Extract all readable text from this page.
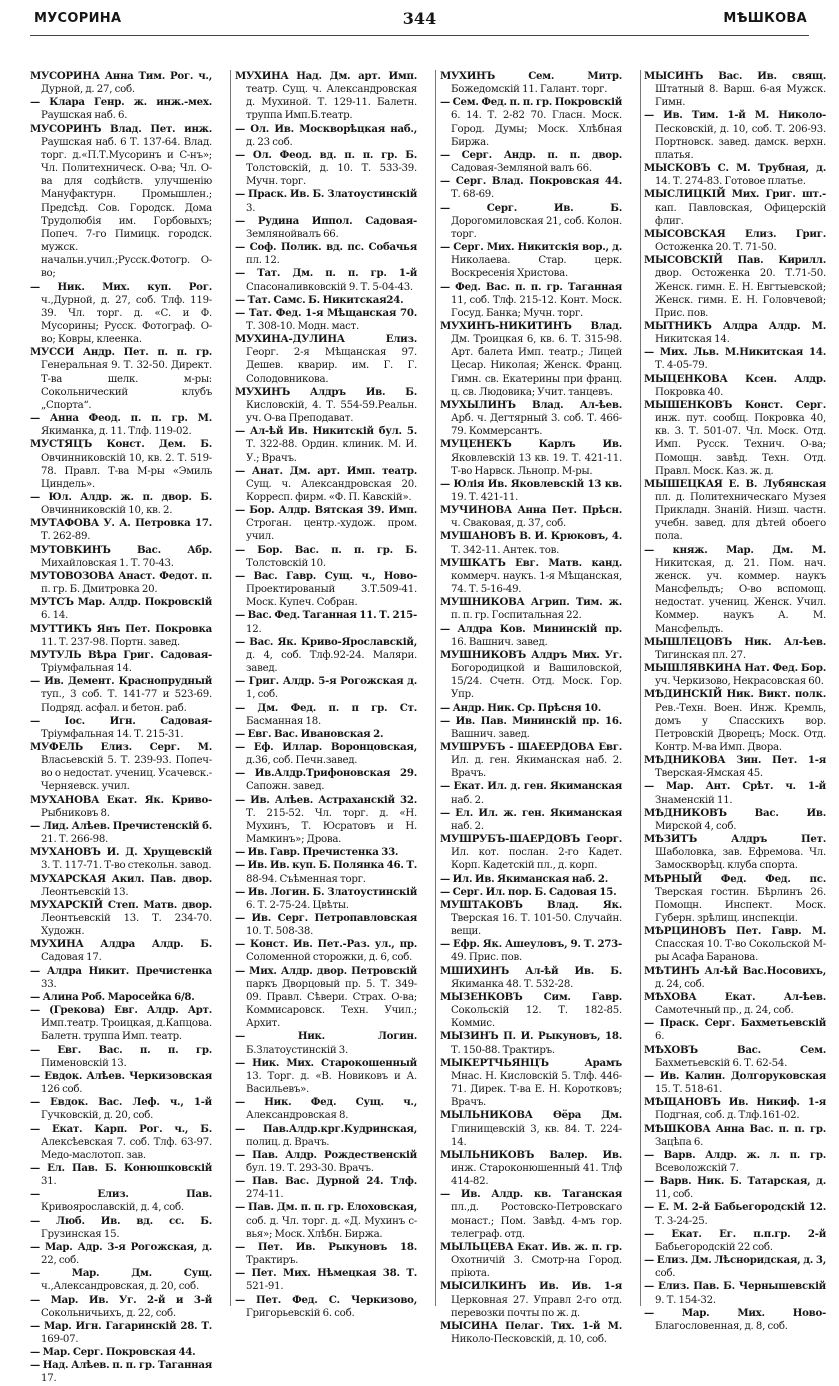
МУСОРИНА	344	МѢШКОВА

МУСОРИНА Анна Тим. Рог. ч., Дурной, д. 27, соб.

— Клара Генр. ж. инж.-мех. Раушская наб. 6.

МУСОРИНЪ Влад. Пет. инж. Раушская наб. 6 Т. 137-64. Влад. торг. д.«П.Т.Мусоринъ и С-нъ»; Чл. Политехническ. О-ва; Чл. О-ва для содѣйств. улучшенію Мануфактурн. Промышлен.; Предсѣд. Сов. Городск. Дома Трудолюбія им. Горбовыхъ; Попеч. 7-го Пимицк. городск. мужск. начальн.учил.;Русск.Фотогр. О-во;

— Ник. Мих. куп. Рог. ч.,Дурной, д. 27, соб. Тлф. 119-39. Чл. торг. д. «С. и Ф. Мусорины; Русск. Фотограф. О-во; Ковры, клеенка.

МУССИ Андр. Пет. п. п. гр. Генеральная 9. Т. 32-50. Директ. Т-ва шелк. м-ры: Сокольнический клубъ „Спорта“.

— Анна Феод. п. п. гр. М. Якиманка, д. 11. Тлф. 119-02.

МУСТЯЦЪ Конст. Дем. Б. Овчинниковскій 10, кв. 2. Т. 519-78. Правл. Т-ва М-ры «Эмиль Циндель».

— Юл. Алдр. ж. п. двор. Б. Овчинниковскій 10, кв. 2.

МУТАФОВА У. А. Петровка 17. Т. 262-89.

МУТОВКИНЪ Вас. Абр. Михайловская 1. Т. 70-43.

МУТОВОЗОВА Анаст. Федот. п. п. гр. Б. Дмитровка 20.

МУТСЪ Мар. Алдр. Покровскій 6. 14.

МУТТИКЪ Янъ Пет. Покровка 11. Т. 237-98. Портн. завед.

МУТУЛЬ Вѣра Григ. Садовая-Тріумфальная 14.

— Ив. Демент. Краснопрудный туп., 3 соб. Т. 141-77 и 523-69. Подряд. асфал. и бетон. раб.

— Іос. Игн. Садовая-Тріумфальная 14. Т. 215-31.

МУФЕЛЬ Елиз. Серг. М. Власьевскій 5. Т. 239-93. Попеч-во о недостат. учениц. Усачевск.-Черняевск. учил.

МУХАНОВА Екат. Як. Криво-Рыбниковъ 8.

— Лид. Алѣев. Пречистенскій б. 21. Т. 266-98.

МУХАНОВЪ И. Д. Хрущевскій 3. Т. 117-71. Т-во стекольн. завод.

МУХАРСКАЯ Акил. Пав. двор. Леонтьевскій 13.

МУХАРСКІЙ Степ. Матв. двор. Леонтьевскій 13. Т. 234-70. Художн.

МУХИНА Алдра Алдр. Б. Садовая 17.

— Алдра Никит. Пречистенка 33.

— Алина Роб. Маросейка 6/8.

— (Грекова) Евг. Алдр. Арт. Имп.театр. Троицкая, д.Капцова. Балетн. труппа Имп. театр.

— Евг. Вас. п. п. гр. Пименовскій 13.

— Евдок. Алѣев. Черкизовская 126 соб.

— Евдок. Вас. Леф. ч., 1-й Гучковскій, д. 20, соб.

— Екат. Карп. Рог. ч., Б. Алексѣевская 7. соб. Тлф. 63-97. Медо-маслотоп. зав.

— Ел. Пав. Б. Конюшковскій 31.

— Елиз. Пав. Кривоярославскій, д. 4, соб.

— Люб. Ив. вд. сс. Б. Грузинская 15.

— Мар. Адр. 3-я Рогожская, д. 22, соб.

— Мар. Дм. Сущ. ч.,Александровская, д. 20, соб.

— Мар. Ив. Уг. 2-й и 3-й Сокольничьихъ, д. 22, соб.

— Мар. Игн. Гагаринскій 28. Т. 169-07.

— Мар. Серг. Покровская 44.

— Над. Алѣев. п. п. гр. Таганная 17.

МУХИНА Над. Дм. арт. Имп. театр. Сущ. ч. Александровская д. Мухиной. Т. 129-11. Балетн. труппа Имп.Б.театр.

— Ол. Ив. Москворѣцкая наб., д. 23 соб.

— Ол. Феод. вд. п. п. гр. Б. Толстовскій, д. 10. Т. 533-39. Мучн. торг.

— Праск. Ив. Б. Златоустинскій 3.

— Рудина Иппол. Садовая-Землянойвалъ 66.

— Соф. Полик. вд. пс. Собачья пл. 12.

— Тат. Дм. п. п. гр. 1-й Спасоналивковскій 9. Т. 5-04-43.

— Тат. Самс. Б. Никитская24.

— Тат. Фед. 1-я Мѣщанская 70. Т. 308-10. Модн. маст.

МУХИНА-ДУЛИНА Елиз. Георг. 2-я Мѣщанская 97. Дешев. кварир. им. Г. Г. Солодовникова.

МУХИНЪ Алдръ Ив. Б. Кисловскій, 4. Т. 554-59.Реальн. уч. О-ва Преподават.

— Ал-ѣй Ив. Никитскій бул. 5. Т. 322-88. Ордин. клиник. М. И. У.; Врачъ.

— Анат. Дм. арт. Имп. театр. Сущ. ч. Александровская 20. Корресп. фирм. «Ф. П. Кавскій».

— Бор. Алдр. Вятская 39. Имп. Строган. центр.-худож. пром. учил.

— Бор. Вас. п. п. гр. Б. Толстовскій 10.

— Вас. Гавр. Сущ. ч., Ново-Проектированый 3.Т.509-41. Моск. Купеч. Собран.

— Вас. Фед. Таганная 11. Т. 215-12.

— Вас. Як. Криво-Ярославскій, д. 4, соб. Тлф.92-24. Маляри. завед.

— Григ. Алдр. 5-я Рогожская д. 1, соб.

— Дм. Фед. п. п гр. Ст. Басманная 18.

— Евг. Вас. Ивановская 2.

— Еф. Иллар. Воронцовская, д.36, соб. Печн.завед.

— Ив.Алдр.Трифоновская 29. Сапожн. завед.

— Ив. Алѣев. Астраханскій 32. Т. 215-52. Чл. торг. д. «Н. Мухинъ, Т. Юсратовъ и Н. Мамкинъ»; Дрова.

— Ив. Гавр. Пречистенка 33.

— Ив. Ив. куп. Б. Полянка 46. Т. 88-94. Съѣменная торг.

— Ив. Логин. Б. Златоустинскій 6. Т. 2-75-24. Цвѣты.

— Ив. Серг. Петропавловская 10. Т. 508-38.

— Конст. Ив. Пет.-Раз. ул., пр. Соломенной сторожки, д. 6, соб.

— Мих. Алдр. двор. Петровскій паркъ Дворцовый пр. 5. Т. 349-09. Правл. Сѣвери. Страх. О-ва; Коммисаровск. Техн. Учил.; Архит.

— Ник. Логин. Б.Златоустинскій 3.

— Ник. Мих. Старокошенный 13. Торг. д. «В. Новиковъ и А. Васильевъ».

— Ник. Фед. Сущ. ч., Александровская 8.

— Пав.Алдр.крг.Кудринская, полиц. д. Врачъ.

— Пав. Алдр. Рождественскій бул. 19. Т. 293-30. Врачъ.

— Пав. Вас. Дурной 24. Тлф. 274-11.

— Пав. Дм. п. п. гр. Елоховская, соб. д. Чл. торг. д. «Д. Мухинъ с-вья»; Моск. Хлѣбн. Биржа.

— Пет. Ив. Рыкуновъ 18. Трактиръ.

— Пет. Мих. Нѣмецкая 38. Т. 521-91.

— Пет. Фед. С. Черкизово, Григорьевскій 6. соб.

МУХИНЪ Сем. Митр. Божедомскій 11. Галант. торг.

— Сем. Фед. п. п. гр. Покровскій 6. 14. Т. 2-82 70. Гласн. Моск. Город. Думы; Моск. Хлѣбная Биржа.

— Серг. Андр. п. п. двор. Садовая-Земляной валъ 66.

— Серг. Влад. Покровская 44. Т. 68-69.

— Серг. Ив. Б. Дорогомиловская 21, соб. Колон. торг.

— Серг. Мих. Никитскія вор., д. Николаева. Стар. церк. Воскресенія Христова.

— Фед. Вас. п. п. гр. Таганная 11, соб. Тлф. 215-12. Конт. Моск. Госуд. Банка; Мучн. торг.

МУХИНЪ-НИКИТИНЪ Влад. Дм. Троицкая 6, кв. 6. Т. 315-98. Арт. балета Имп. театр.; Лицей Цесар. Николая; Женск. Франц. Гимн. св. Екатерины при франц. ц. св. Людовика; Учит. танцевъ.

МУХЫЛИНЪ Влад. Ал-ѣев. Арб. ч. Дегтярный 3. соб. Т. 466-79. Коммерсантъ.

МУЦЕНЕКЪ Карлъ Ив. Яковлевскій 13 кв. 19. Т. 421-11. Т-во Нарвск. Льнопр. М-ры.

— Юлія Ив. Яковлевскій 13 кв. 19. Т. 421-11.

МУЧИНОВА Анна Пет. Прѣсн. ч. Сваковая, д. 37, соб.

МУШАНОВЪ В. И. Крюковъ, 4. Т. 342-11. Антек. тов.

МУШКАТЪ Евг. Матв. канд. коммерч. наукъ. 1-я Мѣщанская, 74. Т. 5-16-49.

МУШНИКОВА Агрип. Тим. ж. п. п. гр. Госпитальная 22.

— Алдра Ков. Мининскій пр. 16. Вашнич. завед.

МУШНИКОВЪ Алдръ Мих. Уг. Богородицкой и Вашиловской, 15/24. Счетн. Отд. Моск. Гор. Упр.

— Андр. Ник. Ср. Прѣсня 10.

— Ив. Пав. Мининскій пр. 16. Вашнич. завед.

МУШРУБЪ - ШАЕЕРДОВА Евг. Ил. д. ген. Якиманская наб. 2. Врачъ.

— Екат. Ил. д. ген. Якиманская наб. 2.

— Ел. Ил. ж. ген. Якиманская наб. 2.

МУШРУБЪ-ШАЕРДОВЪ Георг. Ил. кот. послан. 2-го Кадет. Корп. Кадетскій пл., д. корп.

— Ил. Ив. Якиманская наб. 2.

— Серг. Ил. пор. Б. Садовая 15.

МУШТАКОВЪ Влад. Як. Тверская 16. Т. 101-50. Случайн. вещи.

— Ефр. Як. Ашеуловъ, 9. Т. 273-49. Прис. пов.

МШИХИНЪ Ал-ѣй Ив. Б. Якиманка 48. Т. 532-28.

МЫЗЕНКОВЪ Сим. Гавр. Сокольскій 12. Т. 182-85. Коммис.

МЫЗИНЪ П. И. Рыкуновъ, 18. Т. 150-88. Трактиръ.

МЫКЕРТЧЬЯНЦЪ Арамъ Мнас. Н. Кисловскій 5. Тлф. 446-71. Дирек. Т-ва Е. Н. Коротковъ; Врачъ.

МЫЛЬНИКОВА Ѳёра Дм. Глинищевскій 3, кв. 84. Т. 224-14.

МЫЛЬНИКОВЪ Валер. Ив. инж. Староконюшенный 41. Тлф 414-82.

— Ив. Алдр. кв. Таганская пл.,д. Ростовско-Петровскаго монаст.; Пом. Завѣд. 4-мъ гор. телеграф. отд.

МЫЛЬЦЕВА Екат. Ив. ж. п. гр. Охотничій 3. Смотр-на Город. пріюта.

МЫСИЛКИНЪ Ив. Ив. 1-я Церковная 27. Управл 2-го отд. перевозки почты по ж. д.

МЫСИНА Пелаг. Тих. 1-й М. Николо-Песковскій, д. 10, соб.

МЫСИНЪ Вас. Ив. свящ. Штатный 8. Варш. 6-ая Мужск. Гимн.

— Ив. Тим. 1-й М. Николо-Песковскій, д. 10, соб. Т. 206-93. Портновск. завед. дамск. верхн. платья.

МЫСКОВЪ С. М. Трубная, д. 14. Т. 274-83. Готовое платье.

МЫСЛИЦКІЙ Мих. Григ. шт.-кап. Павловская, Офицерскій флиг.

МЫСОВСКАЯ Елиз. Григ. Остоженка 20. Т. 71-50.

МЫСОВСКІЙ Пав. Кирилл. двор. Остоженка 20. Т.71-50. Женск. гимн. Е. Н. Евгтыевской; Женск. гимн. Е. Н. Головчевой; Прис. пов.

МЫТНИКЪ Алдра Алдр. М. Никитская 14.

— Мих. Льв. М.Никитская 14. Т. 4-05-79.

МЫЦЕНКОВА Ксен. Алдр. Покровка 40.

МЫШЕНКОВЪ Конст. Серг. инж. пут. сообщ. Покровка 40, кв. 3. Т. 501-07. Чл. Моск. Отд. Имп. Русск. Технич. О-ва; Помощн. завѣд. Техн. Отд. Правл. Моск. Каз. ж. д.

МЫШЕЦКАЯ Е. В. Лубянская пл. д. Политехническаго Музея Прикладн. Знаній. Низш. частн. учебн. завед. для дѣтей обоего пола.

— княж. Мар. Дм. М. Никитская, д. 21. Пом. нач. женск. уч. коммер. наукъ Мансфельдъ; О-во вспомощ. недостат. учениц. Женск. Учил. Коммер. наукъ А. М. Мансфельдъ.

МЫШЛЕЦОВЪ Ник. Ал-ѣев. Тигинская пл. 27.

МЫШЛЯВКИНА Нат. Фед. Бор. уч. Черкизово, Некрасовская 60.

МѢДИНСКІЙ Ник. Викт. полк. Рев.-Техн. Воен. Инж. Кремль, домъ у Спасскихъ вор. Петровскій Дворецъ; Моск. Отд. Контр. М-ва Имп. Двора.

МѢДНИКОВА Зин. Пет. 1-я Тверская-Ямская 45.

— Мар. Ант. Срѣт. ч. 1-й Знаменскій 11.

МѢДНИКОВЪ Вас. Ив. Мирской 4, соб.

МѢЗИТЪ Алдръ Пет. Шаболовка, зав. Ефремова. Чл. Замоскворѣц. клуба спорта.

МѢРНЫЙ Фед. Фед. пс. Тверская гостин. Бѣрлинъ 26. Помощн. Инспект. Моск. Губерн. зрѣлищ. инспекціи.

МѢРЦИНОВЪ Пет. Гавр. М. Спасская 10. Т-во Сокольской М-ры Асафа Баранова.

МѢТИНЪ Ал-ѣй Вас.Носовихъ, д. 24, соб.

МѢХОВА Екат. Ал-ѣев. Самотечный пр., д. 24, соб.

— Праск. Серг. Бахметьевскій 6.

МѢХОВЪ Вас. Сем. Бахметьевскій 6. Т. 62-54.

— Ив. Калин. Долгоруковская 15. Т. 518-61.

МѢЩАНОВЪ Ив. Никиф. 1-я Подгная, соб. д. Тлф.161-02.

МѢШКОВА Анна Вас. п. п. гр. Зацѣпа 6.

— Варв. Алдр. ж. л. п. гр. Всеволожскій 7.

— Варв. Ник. Б. Татарская, д. 11, соб.

— Е. М. 2-й Бабьегородскій 12. Т. 3-24-25.

— Екат. Ег. п.п.гр. 2-й Бабьегородскій 22 соб.

— Елиз. Дм. Лѣсноридская, д. 3, соб.

— Елиз. Пав. Б. Чернышевскій 9. Т. 154-32.

— Мар. Мих. Ново-Благословенная, д. 8, соб.
